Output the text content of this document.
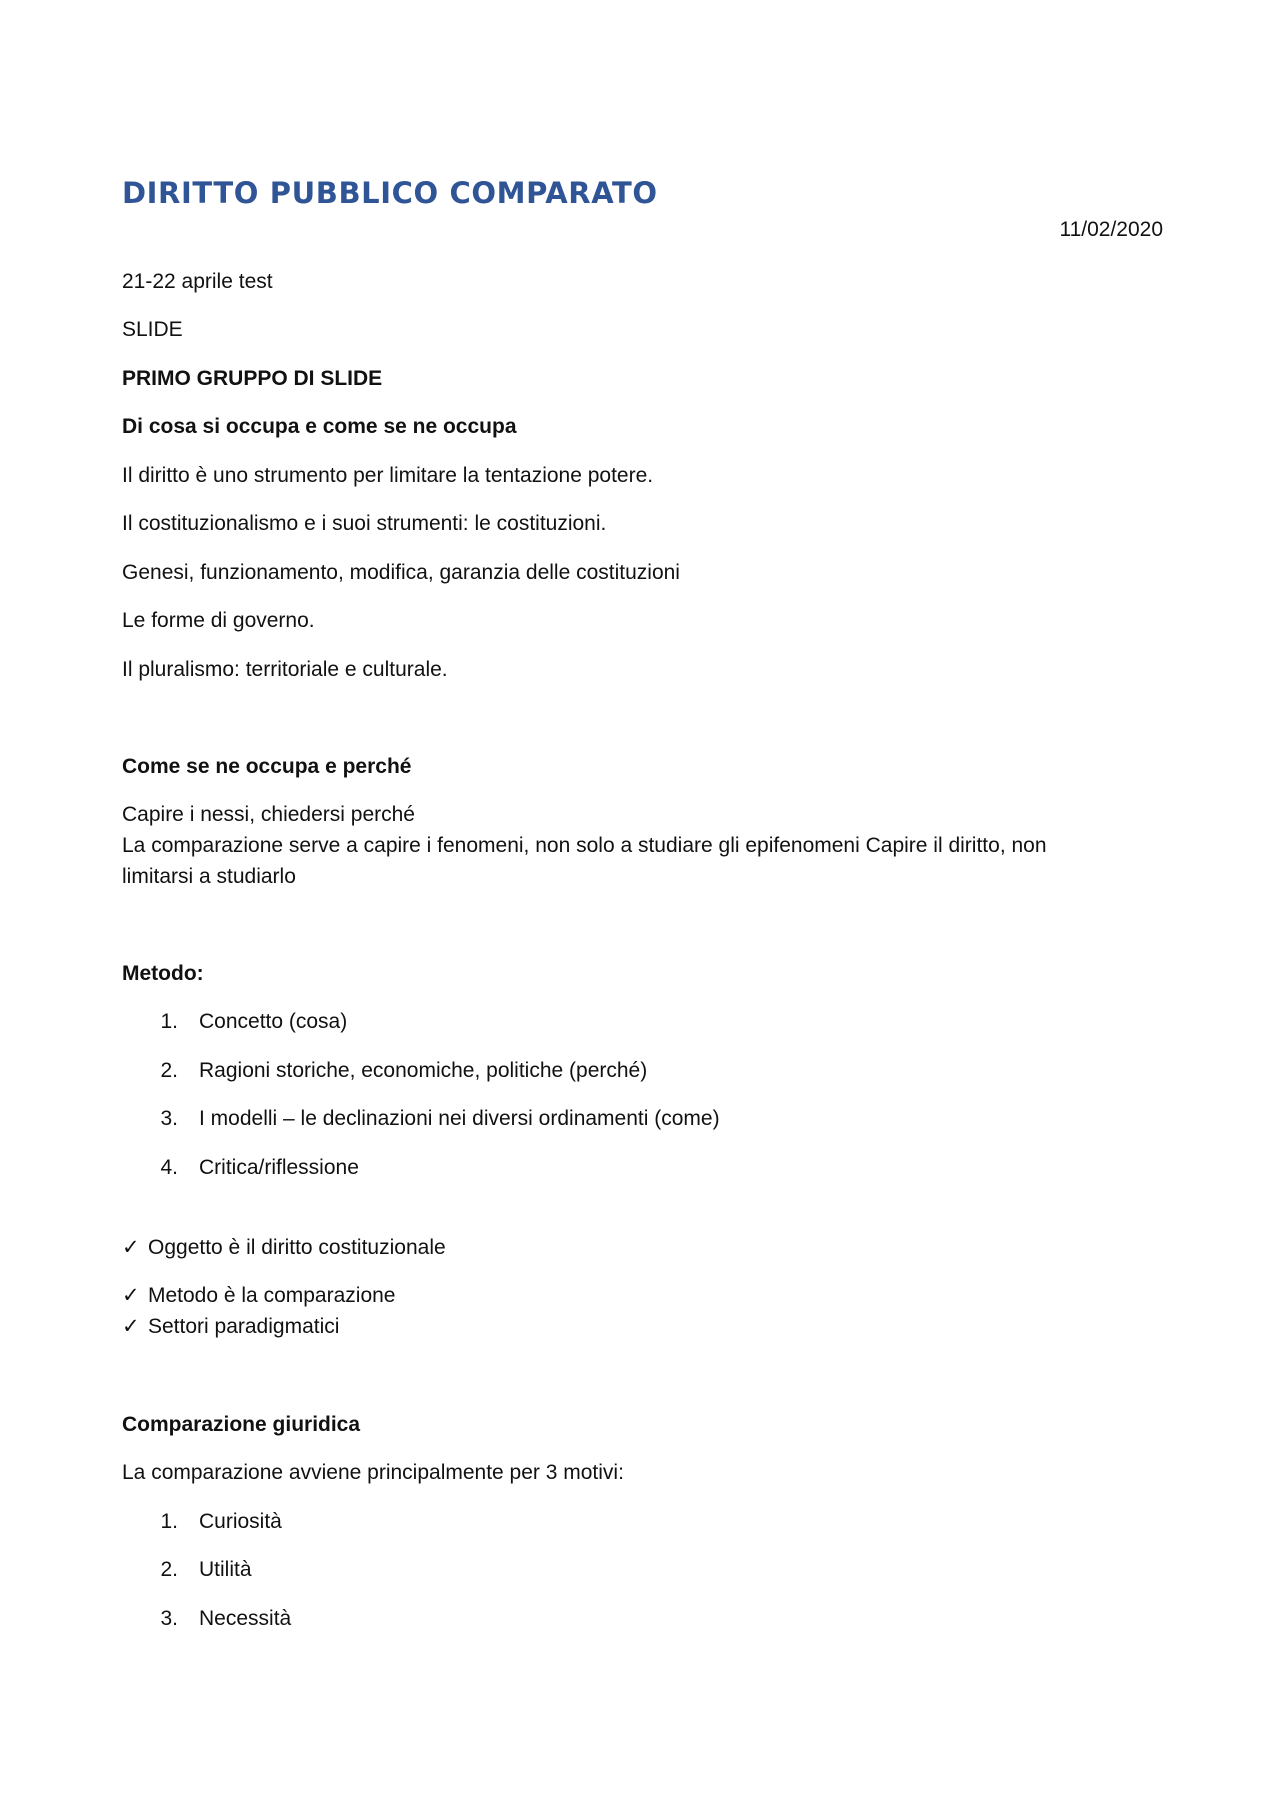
DIRITTO PUBBLICO COMPARATO
11/02/2020

21-22 aprile test

SLIDE

PRIMO GRUPPO DI SLIDE

Di cosa si occupa e come se ne occupa

Il diritto è uno strumento per limitare la tentazione potere.

Il costituzionalismo e i suoi strumenti: le costituzioni.

Genesi, funzionamento, modifica, garanzia delle costituzioni

Le forme di governo.

Il pluralismo: territoriale e culturale.

Come se ne occupa e perché

Capire i nessi, chiedersi perché

La comparazione serve a capire i fenomeni, non solo a studiare gli epifenomeni Capire il diritto, non limitarsi a studiarlo

Metodo:

1. Concetto (cosa)
2. Ragioni storiche, economiche, politiche (perché)
3. I modelli – le declinazioni nei diversi ordinamenti (come)
4. Critica/riflessione
✓ Oggetto è il diritto costituzionale
✓ Metodo è la comparazione
✓ Settori paradigmatici

Comparazione giuridica

La comparazione avviene principalmente per 3 motivi:

1. Curiosità
2. Utilità
3. Necessità
